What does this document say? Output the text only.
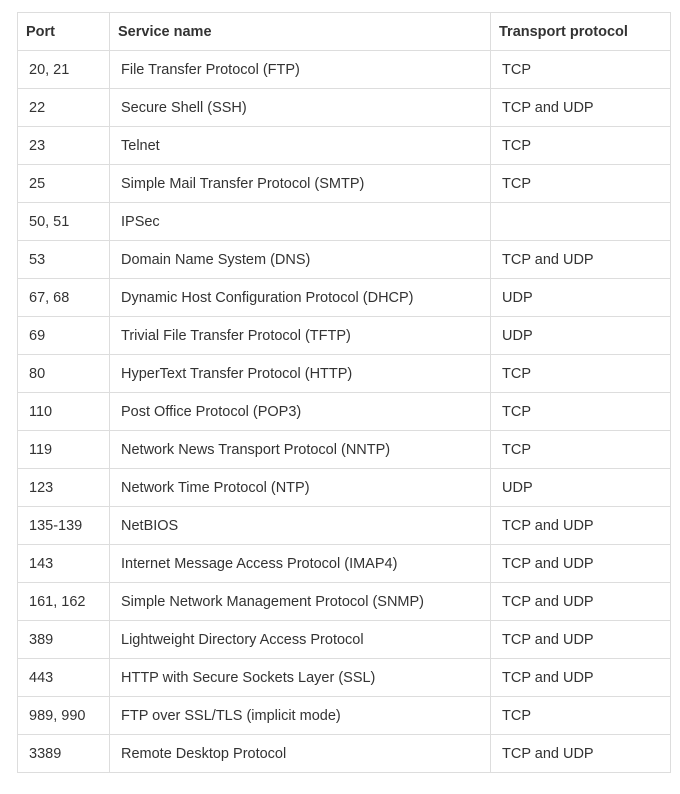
Port	Service name	Transport protocol
20, 21	File Transfer Protocol (FTP)	TCP
22	Secure Shell (SSH)	TCP and UDP
23	Telnet	TCP
25	Simple Mail Transfer Protocol (SMTP)	TCP
50, 51	IPSec	
53	Domain Name System (DNS)	TCP and UDP
67, 68	Dynamic Host Configuration Protocol (DHCP)	UDP
69	Trivial File Transfer Protocol (TFTP)	UDP
80	HyperText Transfer Protocol (HTTP)	TCP
110	Post Office Protocol (POP3)	TCP
119	Network News Transport Protocol (NNTP)	TCP
123	Network Time Protocol (NTP)	UDP
135-139	NetBIOS	TCP and UDP
143	Internet Message Access Protocol (IMAP4)	TCP and UDP
161, 162	Simple Network Management Protocol (SNMP)	TCP and UDP
389	Lightweight Directory Access Protocol	TCP and UDP
443	HTTP with Secure Sockets Layer (SSL)	TCP and UDP
989, 990	FTP over SSL/TLS (implicit mode)	TCP
3389	Remote Desktop Protocol	TCP and UDP
